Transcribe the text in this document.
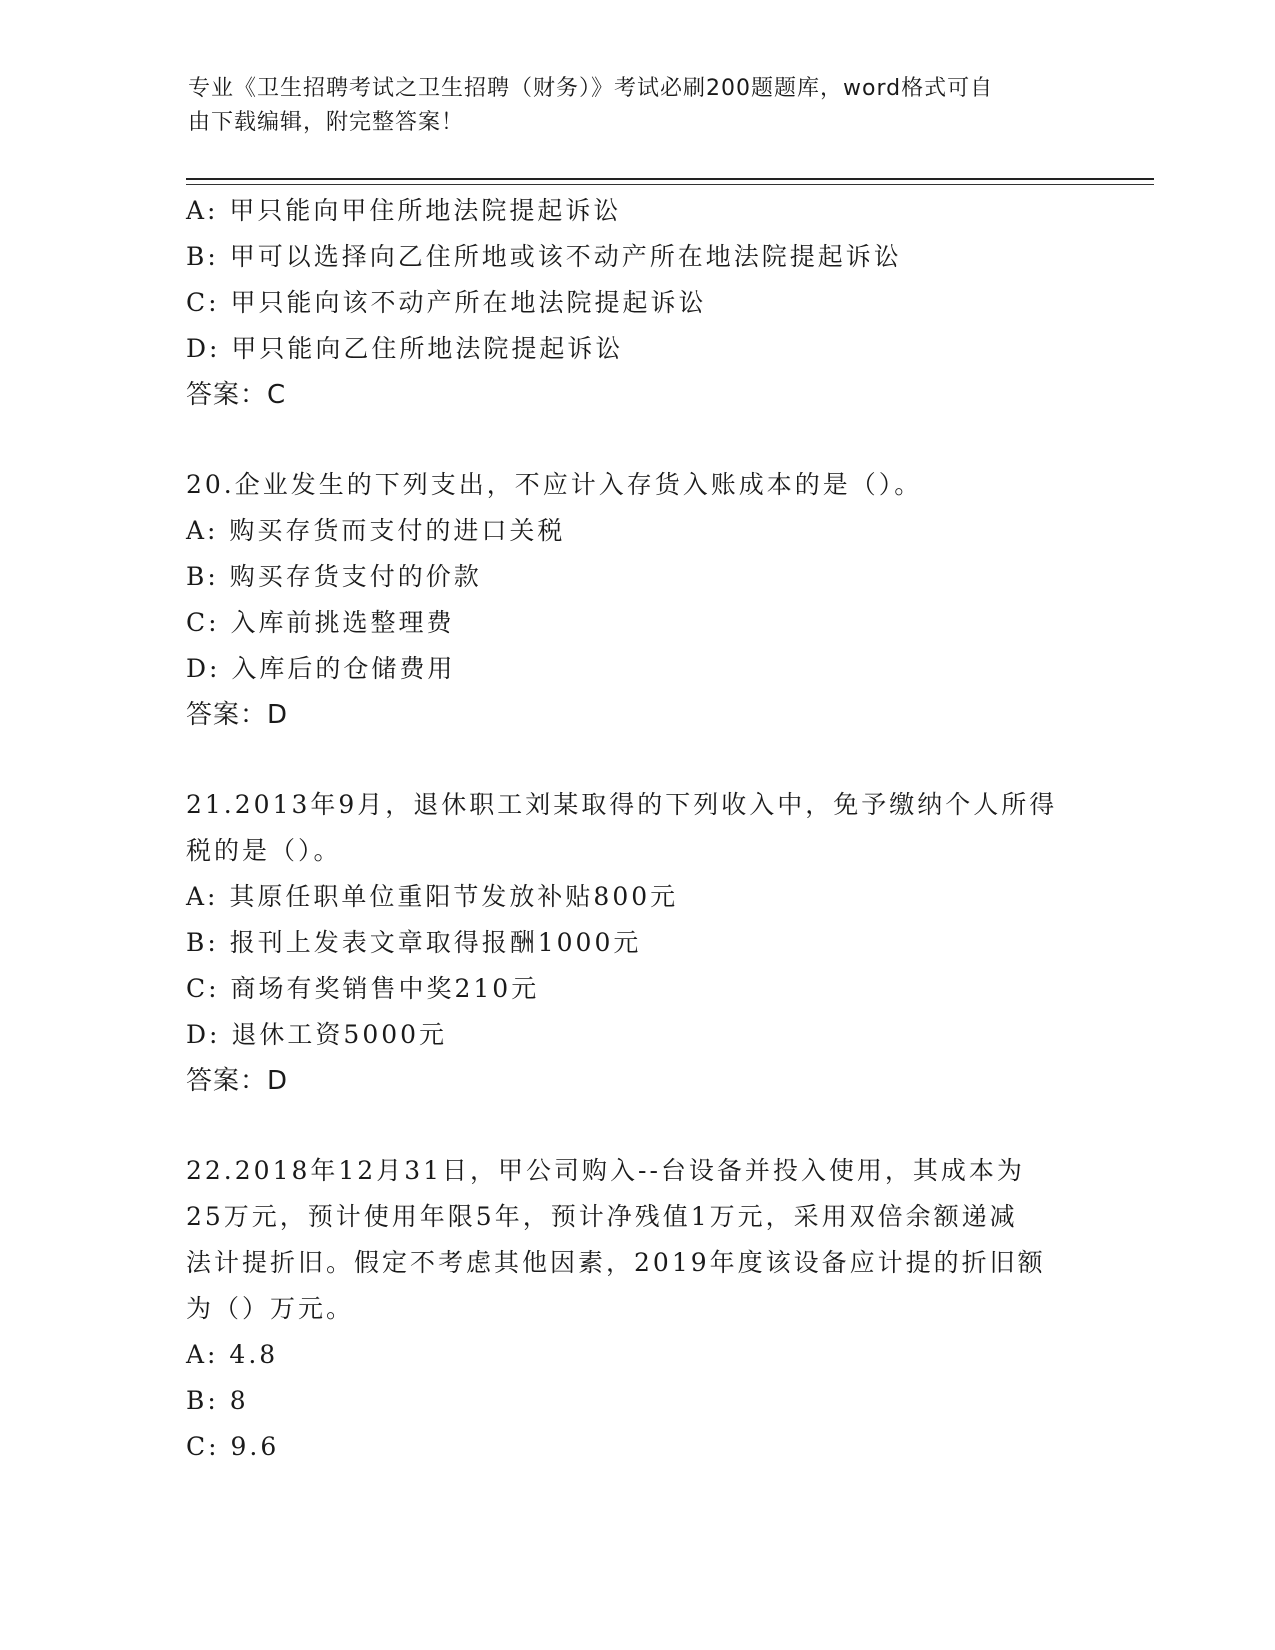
专业《卫生招聘考试之卫生招聘（财务）》考试必刷200题题库，word格式可自
由下载编辑，附完整答案！
A: 甲只能向甲住所地法院提起诉讼
B: 甲可以选择向乙住所地或该不动产所在地法院提起诉讼
C: 甲只能向该不动产所在地法院提起诉讼
D: 甲只能向乙住所地法院提起诉讼
答案：C
20.企业发生的下列支出，不应计入存货入账成本的是（）。
A: 购买存货而支付的进口关税
B: 购买存货支付的价款
C: 入库前挑选整理费
D: 入库后的仓储费用
答案：D
21.2013年9月，退休职工刘某取得的下列收入中，免予缴纳个人所得
税的是（）。
A: 其原任职单位重阳节发放补贴800元
B: 报刊上发表文章取得报酬1000元
C: 商场有奖销售中奖210元
D: 退休工资5000元
答案：D
22.2018年12月31日，甲公司购入--台设备并投入使用，其成本为
25万元，预计使用年限5年，预计净残值1万元，采用双倍余额递减
法计提折旧。假定不考虑其他因素，2019年度该设备应计提的折旧额
为（）万元。
A: 4.8
B: 8
C: 9.6
